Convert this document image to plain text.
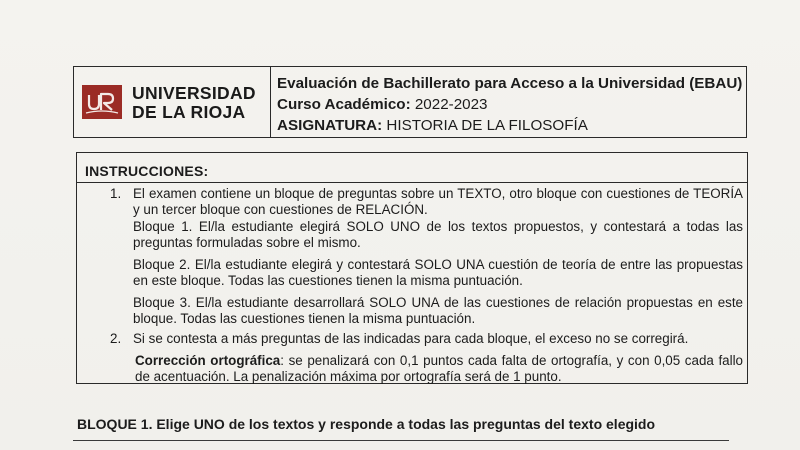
UNIVERSIDAD
DE LA RIOJA
Evaluación de Bachillerato para Acceso a la Universidad (EBAU)
Curso Académico: 2022-2023
ASIGNATURA: HISTORIA DE LA FILOSOFÍA
INSTRUCCIONES:
1. El examen contiene un bloque de preguntas sobre un TEXTO, otro bloque con cuestiones de TEORÍA y un tercer bloque con cuestiones de RELACIÓN.
Bloque 1. El/la estudiante elegirá SOLO UNO de los textos propuestos, y contestará a todas las preguntas formuladas sobre el mismo.
Bloque 2. El/la estudiante elegirá y contestará SOLO UNA cuestión de teoría de entre las propuestas en este bloque. Todas las cuestiones tienen la misma puntuación.
Bloque 3. El/la estudiante desarrollará SOLO UNA de las cuestiones de relación propuestas en este bloque. Todas las cuestiones tienen la misma puntuación.
2. Si se contesta a más preguntas de las indicadas para cada bloque, el exceso no se corregirá.
Corrección ortográfica: se penalizará con 0,1 puntos cada falta de ortografía, y con 0,05 cada fallo de acentuación. La penalización máxima por ortografía será de 1 punto.
BLOQUE 1. Elige UNO de los textos y responde a todas las preguntas del texto elegido
